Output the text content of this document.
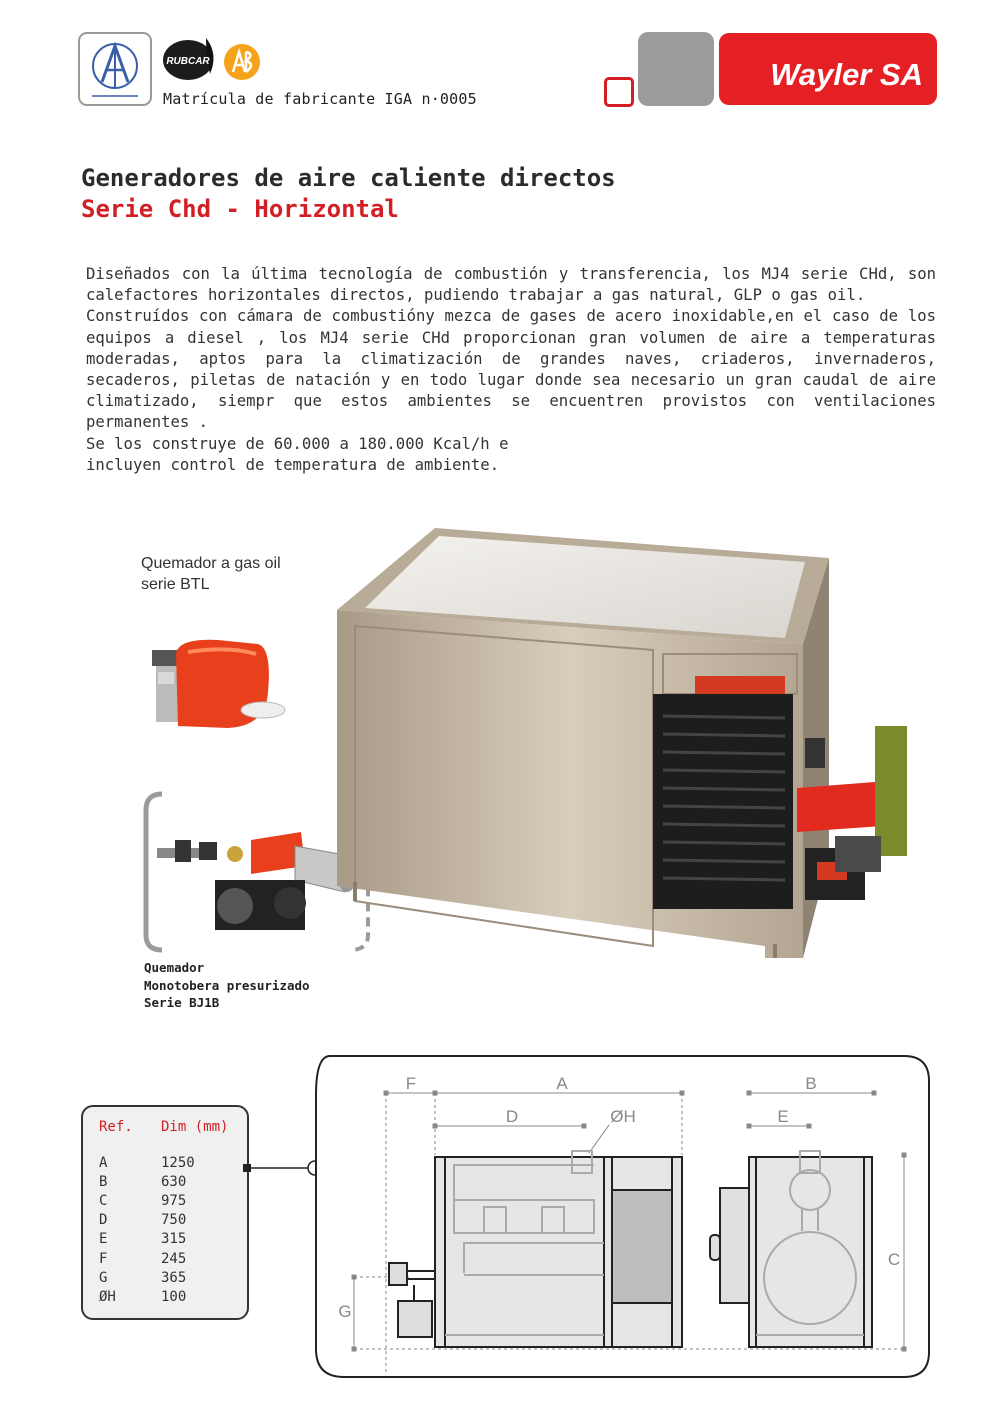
RUBCAR
Matrícula de fabricante IGA n·0005
Wayler SA
Generadores de aire caliente directos
Serie Chd - Horizontal

Diseñados con la última tecnología de combustión y transferencia, los MJ4 serie CHd, son calefactores horizontales directos, pudiendo trabajar a gas natural, GLP o gas oil.

Construídos con cámara de combustióny mezca de gases de acero inoxidable,en el caso de los equipos a diesel , los MJ4 serie CHd proporcionan gran volumen de aire a temperaturas moderadas, aptos para la climatización de grandes naves, criaderos, invernaderos, secaderos, piletas de natación y en todo lugar donde sea necesario un gran caudal de aire climatizado, siempr que estos ambientes se encuentren provistos con ventilaciones permanentes .

Se los construye de 60.000 a 180.000 Kcal/h e

incluyen control de temperatura de ambiente.

Quemador a gas oil
serie BTL
Quemador
Monotobera presurizado
Serie BJ1B
Ref.	Dim (mm)
A	1250
B	630
C	975
D	750
E	315
F	245
G	365
ØH	100
F	A
D	ØH
B
E
C
G
